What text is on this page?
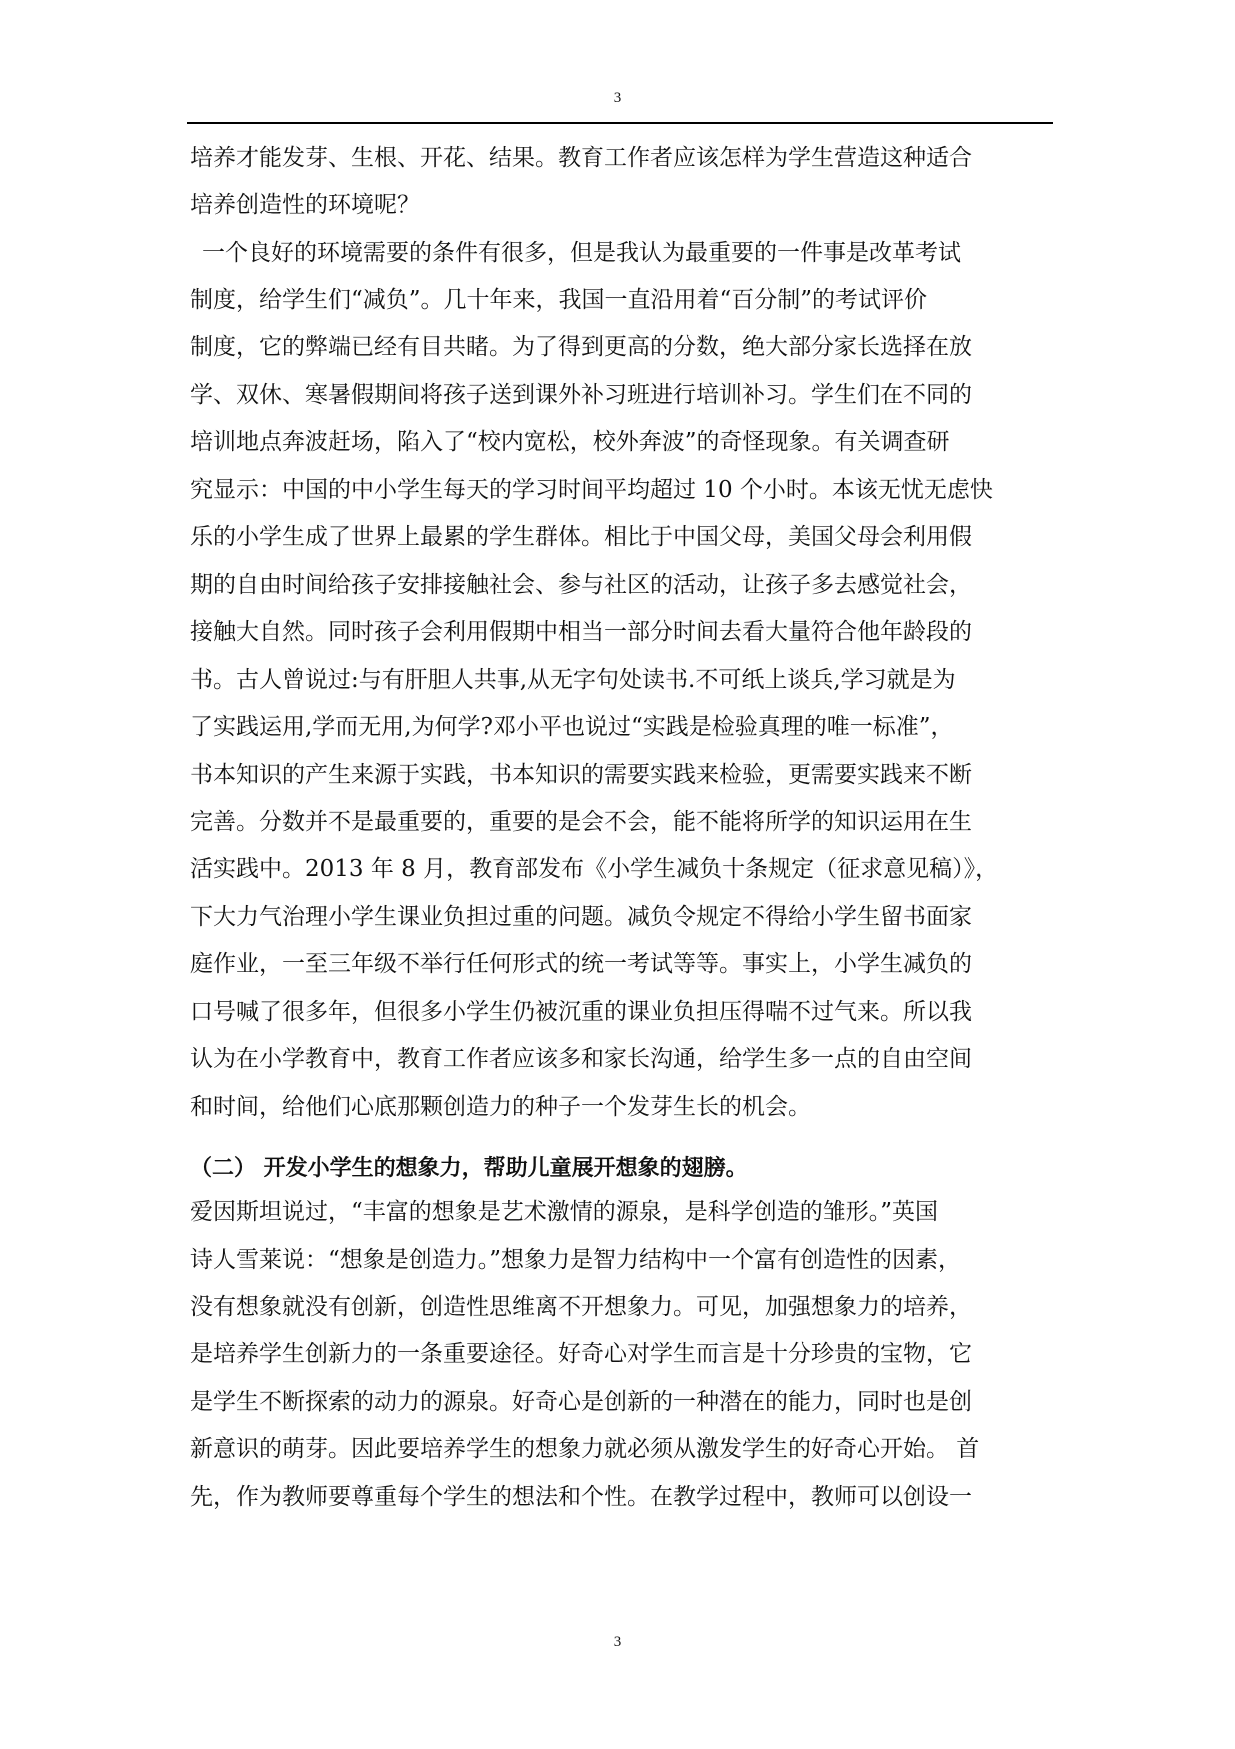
3
培养才能发芽、生根、开花、结果。教育工作者应该怎样为学生营造这种适合
培养创造性的环境呢？
一个良好的环境需要的条件有很多，但是我认为最重要的一件事是改革考试
制度，给学生们“减负”。几十年来，我国一直沿用着“百分制”的考试评价
制度，它的弊端已经有目共睹。为了得到更高的分数，绝大部分家长选择在放
学、双休、寒暑假期间将孩子送到课外补习班进行培训补习。学生们在不同的
培训地点奔波赶场，陷入了“校内宽松，校外奔波”的奇怪现象。有关调查研
究显示：中国的中小学生每天的学习时间平均超过 10 个小时。本该无忧无虑快
乐的小学生成了世界上最累的学生群体。相比于中国父母，美国父母会利用假
期的自由时间给孩子安排接触社会、参与社区的活动，让孩子多去感觉社会，
接触大自然。同时孩子会利用假期中相当一部分时间去看大量符合他年龄段的
书。古人曾说过:与有肝胆人共事,从无字句处读书.不可纸上谈兵,学习就是为
了实践运用,学而无用,为何学?邓小平也说过“实践是检验真理的唯一标准”，
书本知识的产生来源于实践，书本知识的需要实践来检验，更需要实践来不断
完善。分数并不是最重要的，重要的是会不会，能不能将所学的知识运用在生
活实践中。2013 年 8 月，教育部发布《小学生减负十条规定（征求意见稿）》，
下大力气治理小学生课业负担过重的问题。减负令规定不得给小学生留书面家
庭作业，一至三年级不举行任何形式的统一考试等等。事实上，小学生减负的
口号喊了很多年，但很多小学生仍被沉重的课业负担压得喘不过气来。所以我
认为在小学教育中，教育工作者应该多和家长沟通，给学生多一点的自由空间
和时间，给他们心底那颗创造力的种子一个发芽生长的机会。
（二） 开发小学生的想象力，帮助儿童展开想象的翅膀。
爱因斯坦说过，“丰富的想象是艺术激情的源泉，是科学创造的雏形。”英国
诗人雪莱说：“想象是创造力。”想象力是智力结构中一个富有创造性的因素，
没有想象就没有创新，创造性思维离不开想象力。可见，加强想象力的培养，
是培养学生创新力的一条重要途径。好奇心对学生而言是十分珍贵的宝物，它
是学生不断探索的动力的源泉。好奇心是创新的一种潜在的能力，同时也是创
新意识的萌芽。因此要培养学生的想象力就必须从激发学生的好奇心开始。 首
先，作为教师要尊重每个学生的想法和个性。在教学过程中，教师可以创设一
3
